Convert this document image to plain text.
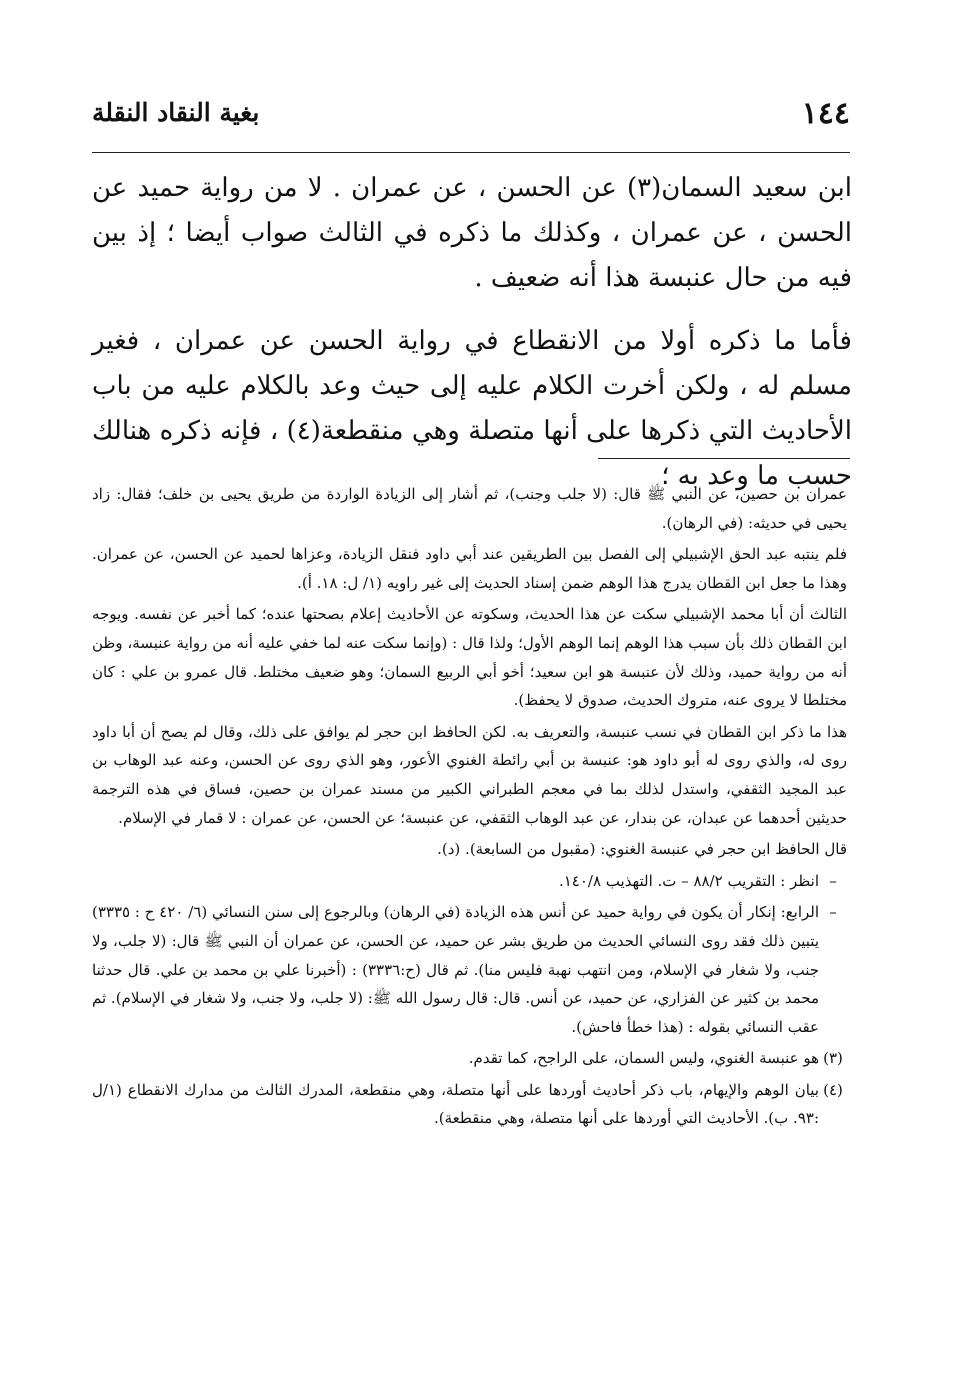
١٤٤
بغية النقاد النقلة

ابن سعيد السمان(٣) عن الحسن ، عن عمران . لا من رواية حميد عن الحسن ، عن عمران ، وكذلك ما ذكره في الثالث صواب أيضا ؛ إذ بين فيه من حال عنبسة هذا أنه ضعيف .

فأما ما ذكره أولا من الانقطاع في رواية الحسن عن عمران ، فغير مسلم له ، ولكن أخرت الكلام عليه إلى حيث وعد بالكلام عليه من باب الأحاديث التي ذكرها على أنها متصلة وهي منقطعة(٤) ، فإنه ذكره هنالك حسب ما وعد به ؛

عمران بن حصين، عن النبي ﷺ قال: (لا جلب وجنب)، ثم أشار إلى الزيادة الواردة من طريق يحيى بن خلف؛ فقال: زاد يحيى في حديثه: (في الرهان).

فلم ينتبه عبد الحق الإشبيلي إلى الفصل بين الطريقين عند أبي داود فنقل الزيادة، وعزاها لحميد عن الحسن، عن عمران. وهذا ما جعل ابن القطان يدرج هذا الوهم ضمن إسناد الحديث إلى غير راويه (١/ ل: ١٨. أ).

الثالث أن أبا محمد الإشبيلي سكت عن هذا الحديث، وسكوته عن الأحاديث إعلام بصحتها عنده؛ كما أخبر عن نفسه. ويوجه ابن القطان ذلك بأن سبب هذا الوهم إنما الوهم الأول؛ ولذا قال : (وإنما سكت عنه لما خفي عليه أنه من رواية عنبسة، وظن أنه من رواية حميد، وذلك لأن عنبسة هو ابن سعيد؛ أخو أبي الربيع السمان؛ وهو ضعيف مختلط. قال عمرو بن علي : كان مختلطا لا يروى عنه، متروك الحديث، صدوق لا يحفظ).

هذا ما ذكر ابن القطان في نسب عنبسة، والتعريف به. لكن الحافظ ابن حجر لم يوافق على ذلك، وقال لم يصح أن أبا داود روى له، والذي روى له أبو داود هو: عنبسة بن أبي رائطة الغنوي الأعور، وهو الذي روى عن الحسن، وعنه عبد الوهاب بن عبد المجيد الثقفي، واستدل لذلك بما في معجم الطبراني الكبير من مسند عمران بن حصين، فساق في هذه الترجمة حديثين أحدهما عن عبدان، عن بندار، عن عبد الوهاب الثقفي، عن عنبسة؛ عن الحسن، عن عمران : لا قمار في الإسلام.

قال الحافظ ابن حجر في عنبسة الغنوي: (مقبول من السابعة). (د).

–
انظر : التقريب ٨٨/٢ – ت. التهذيب ١٤٠/٨.
–
الرابع: إنكار أن يكون في رواية حميد عن أنس هذه الزيادة (في الرهان) وبالرجوع إلى سنن النسائي (٦/ ٤٢٠ ح : ٣٣٣٥) يتبين ذلك فقد روى النسائي الحديث من طريق بشر عن حميد، عن الحسن، عن عمران أن النبي ﷺ قال: (لا جلب، ولا جنب، ولا شغار في الإسلام، ومن انتهب نهبة فليس منا). ثم قال (ح:٣٣٣٦) : (أخبرنا علي بن محمد بن علي. قال حدثنا محمد بن كثير عن الفزاري، عن حميد، عن أنس. قال: قال رسول الله ﷺ: (لا جلب، ولا جنب، ولا شغار في الإسلام). ثم عقب النسائي بقوله : (هذا خطأ فاحش).
(٣)
هو عنبسة الغنوي، وليس السمان، على الراجح، كما تقدم.
(٤)
بيان الوهم والإيهام، باب ذكر أحاديث أوردها على أنها متصلة، وهي منقطعة، المدرك الثالث من مدارك الانقطاع (١/ل :٩٣. ب). الأحاديث التي أوردها على أنها متصلة، وهي منقطعة).
